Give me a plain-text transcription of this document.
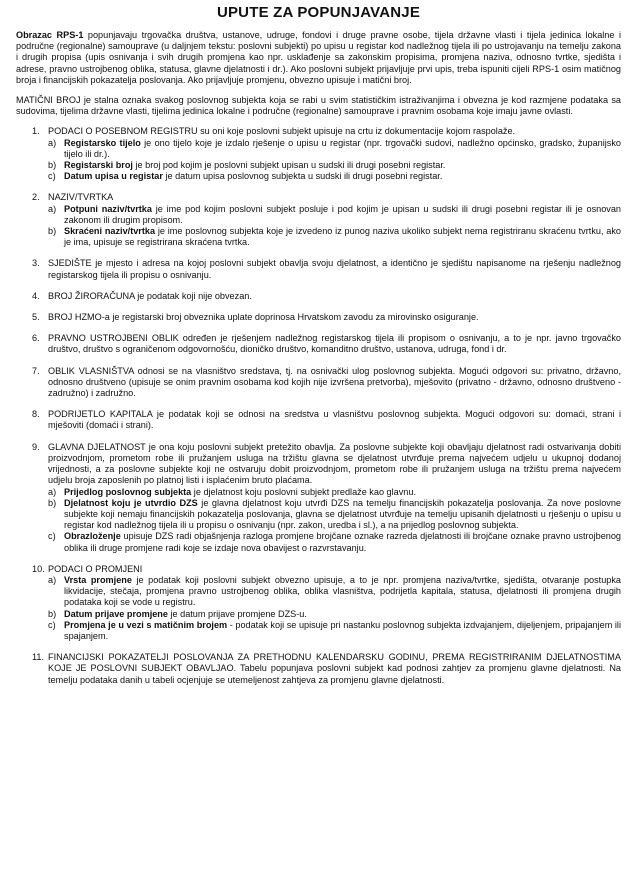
UPUTE ZA POPUNJAVANJE

Obrazac RPS-1 popunjavaju trgovačka društva, ustanove, udruge, fondovi i druge pravne osobe, tijela državne vlasti i tijela jedinica lokalne i područne (regionalne) samouprave (u daljnjem tekstu: poslovni subjekti) po upisu u registar kod nadležnog tijela ili po ustrojavanju na temelju zakona i drugih propisa (upis osnivanja i svih drugih promjena kao npr. usklađenje sa zakonskim propisima, promjena naziva, odnosno tvrtke, sjedišta i adrese, pravno ustrojbenog oblika, statusa, glavne djelatnosti i dr.). Ako poslovni subjekt prijavljuje prvi upis, treba ispuniti cijeli RPS-1 osim matičnog broja i financijskih pokazatelja poslovanja. Ako prijavljuje promjenu, obvezno upisuje i matični broj.

MATIČNI BROJ je stalna oznaka svakog poslovnog subjekta koja se rabi u svim statističkim istraživanjima i obvezna je kod razmjene podataka sa sudovima, tijelima državne vlasti, tijelima jedinica lokalne i područne (regionalne) samouprave i pravnim osobama koje imaju javne ovlasti.

1. PODACI O POSEBNOM REGISTRU su oni koje poslovni subjekt upisuje na crtu iz dokumentacije kojom raspolaže.
a) Registarsko tijelo je ono tijelo koje je izdalo rješenje o upisu u registar (npr. trgovački sudovi, nadležno općinsko, gradsko, županijsko tijelo ili dr.).
b) Registarski broj je broj pod kojim je poslovni subjekt upisan u sudski ili drugi posebni registar.
c) Datum upisa u registar je datum upisa poslovnog subjekta u sudski ili drugi posebni registar.
2. NAZIV/TVRTKA
a) Potpuni naziv/tvrtka je ime pod kojim poslovni subjekt posluje i pod kojim je upisan u sudski ili drugi posebni registar ili je osnovan zakonom ili drugim propisom.
b) Skraćeni naziv/tvrtka je ime poslovnog subjekta koje je izvedeno iz punog naziva ukoliko subjekt nema registriranu skraćenu tvrtku, ako je ima, upisuje se registrirana skraćena tvrtka.
3. SJEDIŠTE je mjesto i adresa na kojoj poslovni subjekt obavlja svoju djelatnost, a identično je sjedištu napisanome na rješenju nadležnog registarskog tijela ili propisu o osnivanju.
4. BROJ ŽIRORAČUNA je podatak koji nije obvezan.
5. BROJ HZMO-a je registarski broj obveznika uplate doprinosa Hrvatskom zavodu za mirovinsko osiguranje.
6. PRAVNO USTROJBENI OBLIK određen je rješenjem nadležnog registarskog tijela ili propisom o osnivanju, a to je npr. javno trgovačko društvo, društvo s ograničenom odgovornošću, dioničko društvo, komanditno društvo, ustanova, udruga, fond i dr.
7. OBLIK VLASNIŠTVA odnosi se na vlasništvo sredstava, tj. na osnivački ulog poslovnog subjekta. Mogući odgovori su: privatno, državno, odnosno društveno (upisuje se onim pravnim osobama kod kojih nije izvršena pretvorba), mješovito (privatno - državno, odnosno društveno - zadružno) i zadružno.
8. PODRIJETLO KAPITALA je podatak koji se odnosi na sredstva u vlasništvu poslovnog subjekta. Mogući odgovori su: domaći, strani i mješoviti (domaći i strani).
9. GLAVNA DJELATNOST je ona koju poslovni subjekt pretežito obavlja. Za poslovne subjekte koji obavljaju djelatnost radi ostvarivanja dobiti proizvodnjom, prometom robe ili pružanjem usluga na tržištu glavna se djelatnost utvrđuje prema najvećem udjelu u ukupnoj dodanoj vrijednosti, a za poslovne subjekte koji ne ostvaruju dobit proizvodnjom, prometom robe ili pružanjem usluga na tržištu prema najvećem udjelu broja zaposlenih po platnoj listi i isplaćenim bruto plaćama.
a) Prijedlog poslovnog subjekta je djelatnost koju poslovni subjekt predlaže kao glavnu.
b) Djelatnost koju je utvrdio DZS je glavna djelatnost koju utvrđi DZS na temelju financijskih pokazatelja poslovanja. Za nove poslovne subjekte koji nemaju financijskih pokazatelja poslovanja, glavna se djelatnost utvrđuje na temelju upisanih djelatnosti u rješenju o upisu u registar kod nadležnog tijela ili u propisu o osnivanju (npr. zakon, uredba i sl.), a na prijedlog poslovnog subjekta.
c) Obrazloženje upisuje DZS radi objašnjenja razloga promjene brojčane oznake razreda djelatnosti ili brojčane oznake pravno ustrojbenog oblika ili druge promjene radi koje se izdaje nova obavijest o razvrstavanju.
10. PODACI O PROMJENI
a) Vrsta promjene je podatak koji poslovni subjekt obvezno upisuje, a to je npr. promjena naziva/tvrtke, sjedišta, otvaranje postupka likvidacije, stečaja, promjena pravno ustrojbenog oblika, oblika vlasništva, podrijetla kapitala, statusa, djelatnosti ili promjena drugih podataka koji se vode u registru.
b) Datum prijave promjene je datum prijave promjene DZS-u.
c) Promjena je u vezi s matičnim brojem - podatak koji se upisuje pri nastanku poslovnog subjekta izdvajanjem, dijeljenjem, pripajanjem ili spajanjem.
11. FINANCIJSKI POKAZATELJI POSLOVANJA ZA PRETHODNU KALENDARSKU GODINU, PREMA REGISTRIRANIM DJELATNOSTIMA KOJE JE POSLOVNI SUBJEKT OBAVLJAO. Tabelu popunjava poslovni subjekt kad podnosi zahtjev za promjenu glavne djelatnosti. Na temelju podataka danih u tabeli ocjenjuje se utemeljenost zahtjeva za promjenu glavne djelatnosti.
